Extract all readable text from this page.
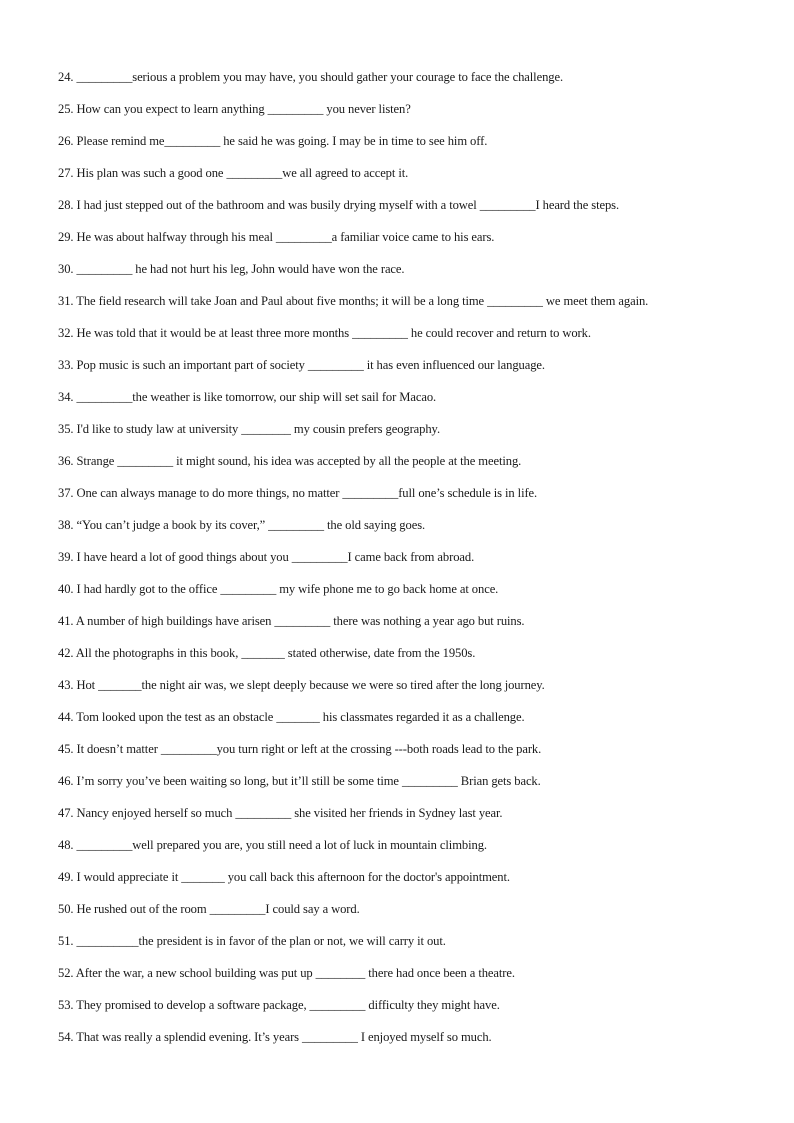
24. _________serious a problem you may have, you should gather your courage to face the challenge.
25. How can you expect to learn anything _________ you never listen?
26. Please remind me_________ he said he was going. I may be in time to see him off.
27. His plan was such a good one _________we all agreed to accept it.
28. I had just stepped out of the bathroom and was busily drying myself with a towel _________I heard the steps.
29. He was about halfway through his meal _________a familiar voice came to his ears.
30. _________ he had not hurt his leg, John would have won the race.
31. The field research will take Joan and Paul about five months; it will be a long time _________ we meet them again.
32. He was told that it would be at least three more months _________ he could recover and return to work.
33. Pop music is such an important part of society _________ it has even influenced our language.
34. _________the weather is like tomorrow, our ship will set sail for Macao.
35. I'd like to study law at university ________ my cousin prefers geography.
36. Strange _________ it might sound, his idea was accepted by all the people at the meeting.
37. One can always manage to do more things, no matter _________full one’s schedule is in life.
38. “You can’t judge a book by its cover,” _________ the old saying goes.
39. I have heard a lot of good things about you _________I came back from abroad.
40. I had hardly got to the office _________ my wife phone me to go back home at once.
41. A number of high buildings have arisen _________ there was nothing a year ago but ruins.
42. All the photographs in this book, _______ stated otherwise, date from the 1950s.
43. Hot _______the night air was, we slept deeply because we were so tired after the long journey.
44. Tom looked upon the test as an obstacle _______ his classmates regarded it as a challenge.
45. It doesn’t matter _________you turn right or left at the crossing ---both roads lead to the park.
46. I’m sorry you’ve been waiting so long, but it’ll still be some time _________ Brian gets back.
47. Nancy enjoyed herself so much _________ she visited her friends in Sydney last year.
48. _________well prepared you are, you still need a lot of luck in mountain climbing.
49. I would appreciate it _______ you call back this afternoon for the doctor's appointment.
50. He rushed out of the room _________I could say a word.
51. __________the president is in favor of the plan or not, we will carry it out.
52. After the war, a new school building was put up ________ there had once been a theatre.
53. They promised to develop a software package, _________ difficulty they might have.
54. That was really a splendid evening. It’s years _________ I enjoyed myself so much.
